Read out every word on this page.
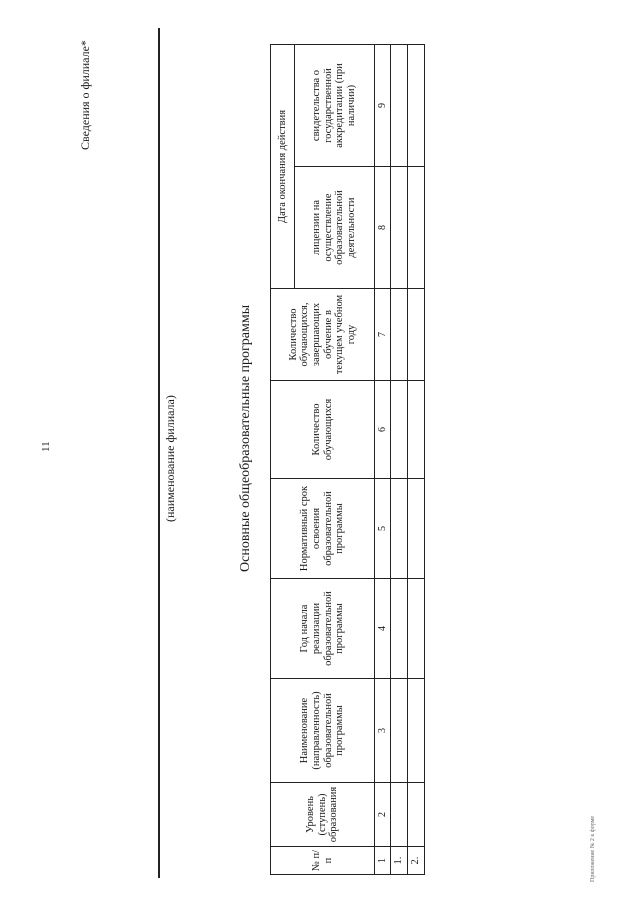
Сведения о филиале*
11	(наименование филиала)	Основные общеобразовательные программы
Приложение № 2 к форме
№ п/п	Уровень (ступень) образования	Наименование (направленность) образовательной программы	Год начала реализации образовательной программы	Нормативный срок освоения образовательной программы	Количество обучающихся	Количество обучающихся, завершающих обучение в текущем учебном году	Дата окончания действия	
							лицензии на осуществление образовательной деятельности	свидетельства о государственной аккредитации (при наличии)
1	2	3	4	5	6	7	8	9
1.								
2.								
